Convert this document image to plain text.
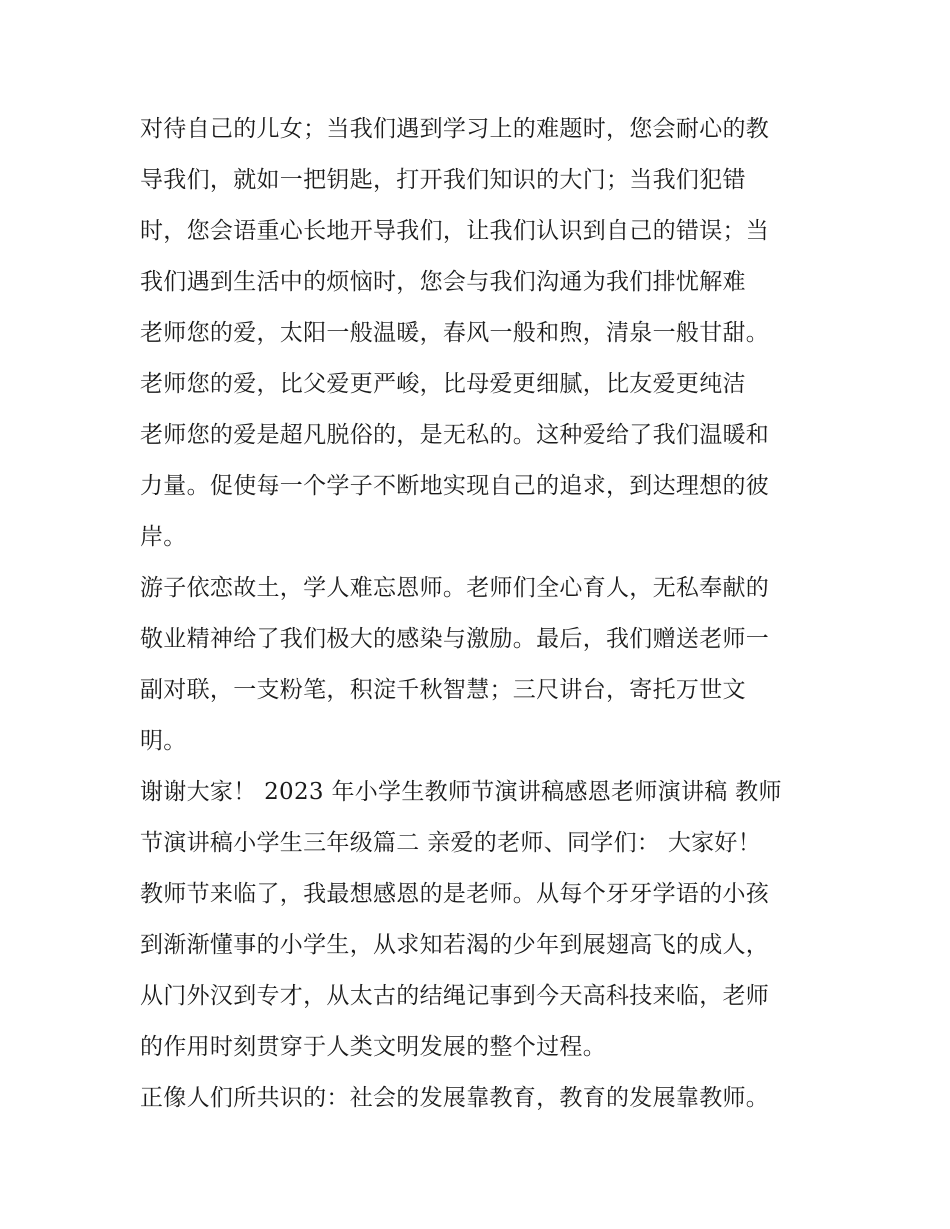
对待自己的儿女；当我们遇到学习上的难题时，您会耐心的教
导我们，就如一把钥匙，打开我们知识的大门；当我们犯错
时，您会语重心长地开导我们，让我们认识到自己的错误；当
我们遇到生活中的烦恼时，您会与我们沟通为我们排忧解难
老师您的爱，太阳一般温暖，春风一般和煦，清泉一般甘甜。
老师您的爱，比父爱更严峻，比母爱更细腻，比友爱更纯洁
老师您的爱是超凡脱俗的，是无私的。这种爱给了我们温暖和
力量。促使每一个学子不断地实现自己的追求，到达理想的彼
岸。
游子依恋故土，学人难忘恩师。老师们全心育人，无私奉献的
敬业精神给了我们极大的感染与激励。最后，我们赠送老师一
副对联，一支粉笔，积淀千秋智慧；三尺讲台，寄托万世文
明。
谢谢大家！ 2023 年小学生教师节演讲稿感恩老师演讲稿 教师
节演讲稿小学生三年级篇二 亲爱的老师、同学们： 大家好！
教师节来临了，我最想感恩的是老师。从每个牙牙学语的小孩
到渐渐懂事的小学生，从求知若渴的少年到展翅高飞的成人，
从门外汉到专才，从太古的结绳记事到今天高科技来临，老师
的作用时刻贯穿于人类文明发展的整个过程。
正像人们所共识的：社会的发展靠教育，教育的发展靠教师。
